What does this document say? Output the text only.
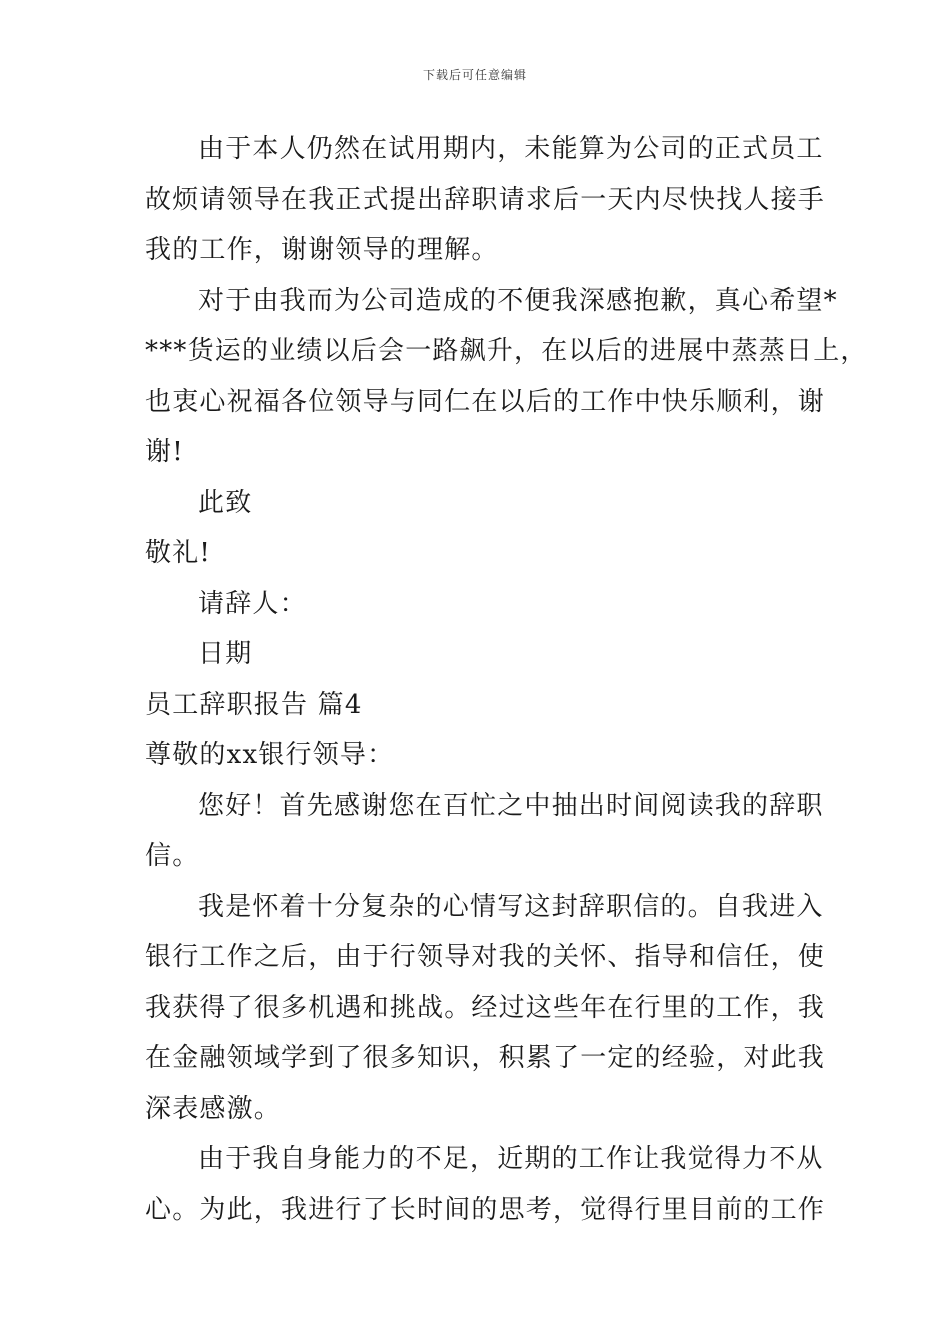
下载后可任意编辑
由于本人仍然在试用期内，未能算为公司的正式员工
故烦请领导在我正式提出辞职请求后一天内尽快找人接手
我的工作，谢谢领导的理解。
对于由我而为公司造成的不便我深感抱歉，真心希望*
***货运的业绩以后会一路飙升，在以后的进展中蒸蒸日上，
也衷心祝福各位领导与同仁在以后的工作中快乐顺利，谢
谢!
此致
敬礼!
请辞人：
日期
员工辞职报告 篇4
尊敬的xx银行领导：
您好！首先感谢您在百忙之中抽出时间阅读我的辞职
信。
我是怀着十分复杂的心情写这封辞职信的。自我进入
银行工作之后，由于行领导对我的关怀、指导和信任，使
我获得了很多机遇和挑战。经过这些年在行里的工作，我
在金融领域学到了很多知识，积累了一定的经验，对此我
深表感激。
由于我自身能力的不足，近期的工作让我觉得力不从
心。为此，我进行了长时间的思考，觉得行里目前的工作
